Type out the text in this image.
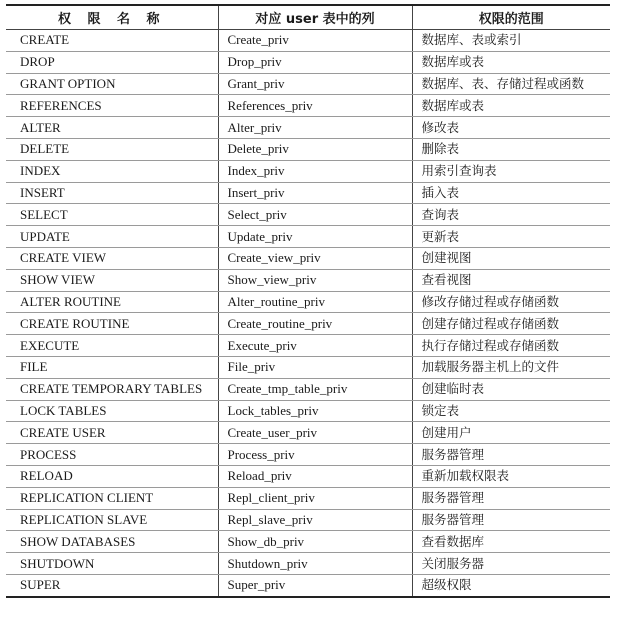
权 限 名 称	对应 user 表中的列	权限的范围
CREATE	Create_priv	数据库、表或索引
DROP	Drop_priv	数据库或表
GRANT OPTION	Grant_priv	数据库、表、存储过程或函数
REFERENCES	References_priv	数据库或表
ALTER	Alter_priv	修改表
DELETE	Delete_priv	删除表
INDEX	Index_priv	用索引查询表
INSERT	Insert_priv	插入表
SELECT	Select_priv	查询表
UPDATE	Update_priv	更新表
CREATE VIEW	Create_view_priv	创建视图
SHOW VIEW	Show_view_priv	查看视图
ALTER ROUTINE	Alter_routine_priv	修改存储过程或存储函数
CREATE ROUTINE	Create_routine_priv	创建存储过程或存储函数
EXECUTE	Execute_priv	执行存储过程或存储函数
FILE	File_priv	加载服务器主机上的文件
CREATE TEMPORARY TABLES	Create_tmp_table_priv	创建临时表
LOCK TABLES	Lock_tables_priv	锁定表
CREATE USER	Create_user_priv	创建用户
PROCESS	Process_priv	服务器管理
RELOAD	Reload_priv	重新加载权限表
REPLICATION CLIENT	Repl_client_priv	服务器管理
REPLICATION SLAVE	Repl_slave_priv	服务器管理
SHOW DATABASES	Show_db_priv	查看数据库
SHUTDOWN	Shutdown_priv	关闭服务器
SUPER	Super_priv	超级权限
